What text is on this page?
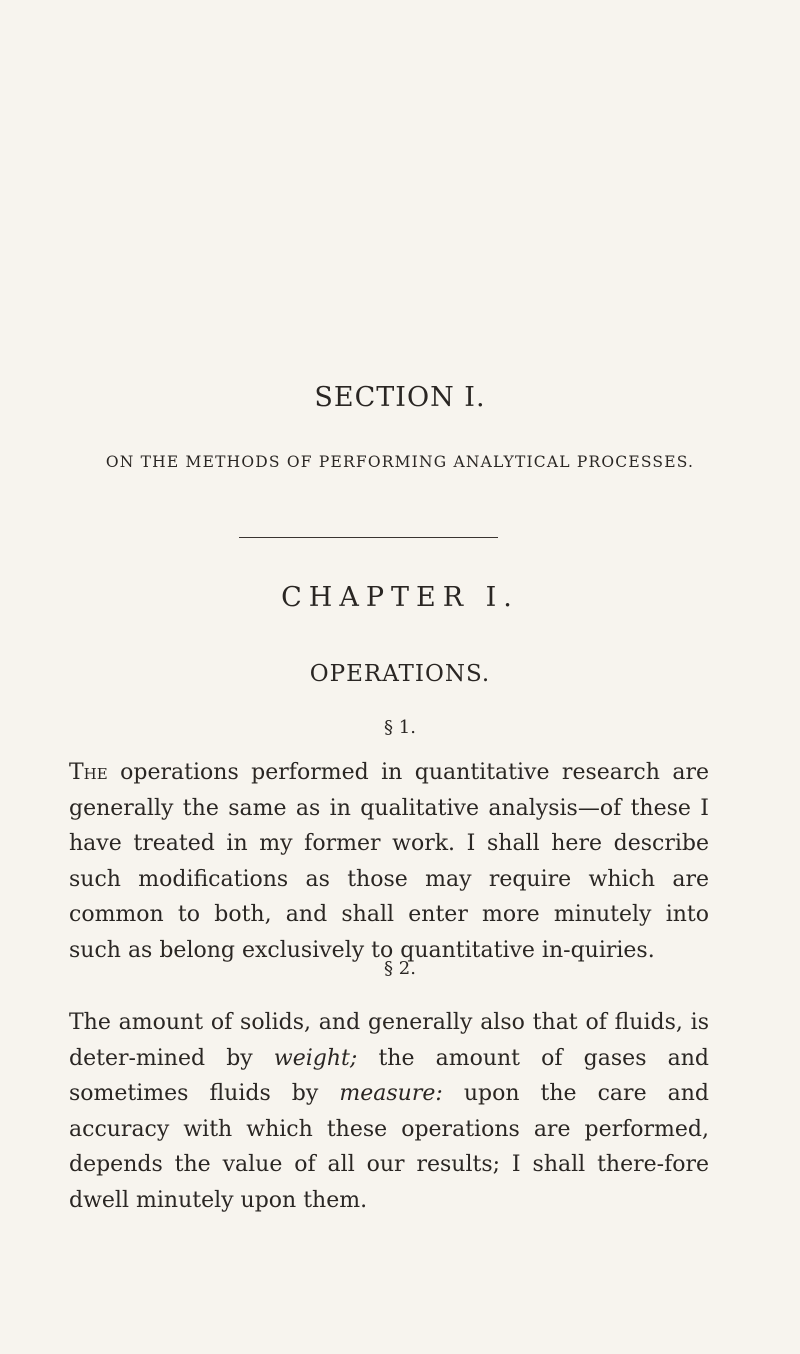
SECTION I.
ON THE METHODS OF PERFORMING ANALYTICAL PROCESSES.
CHAPTER I.
OPERATIONS.
§ 1.

The operations performed in quantitative research are generally the same as in qualitative analysis—of these I have treated in my former work. I shall here describe such modifications as those may require which are common to both, and shall enter more minutely into such as belong exclusively to quantitative in-quiries.

§ 2.

The amount of solids, and generally also that of fluids, is deter-mined by weight; the amount of gases and sometimes fluids by measure: upon the care and accuracy with which these operations are performed, depends the value of all our results; I shall there-fore dwell minutely upon them.
